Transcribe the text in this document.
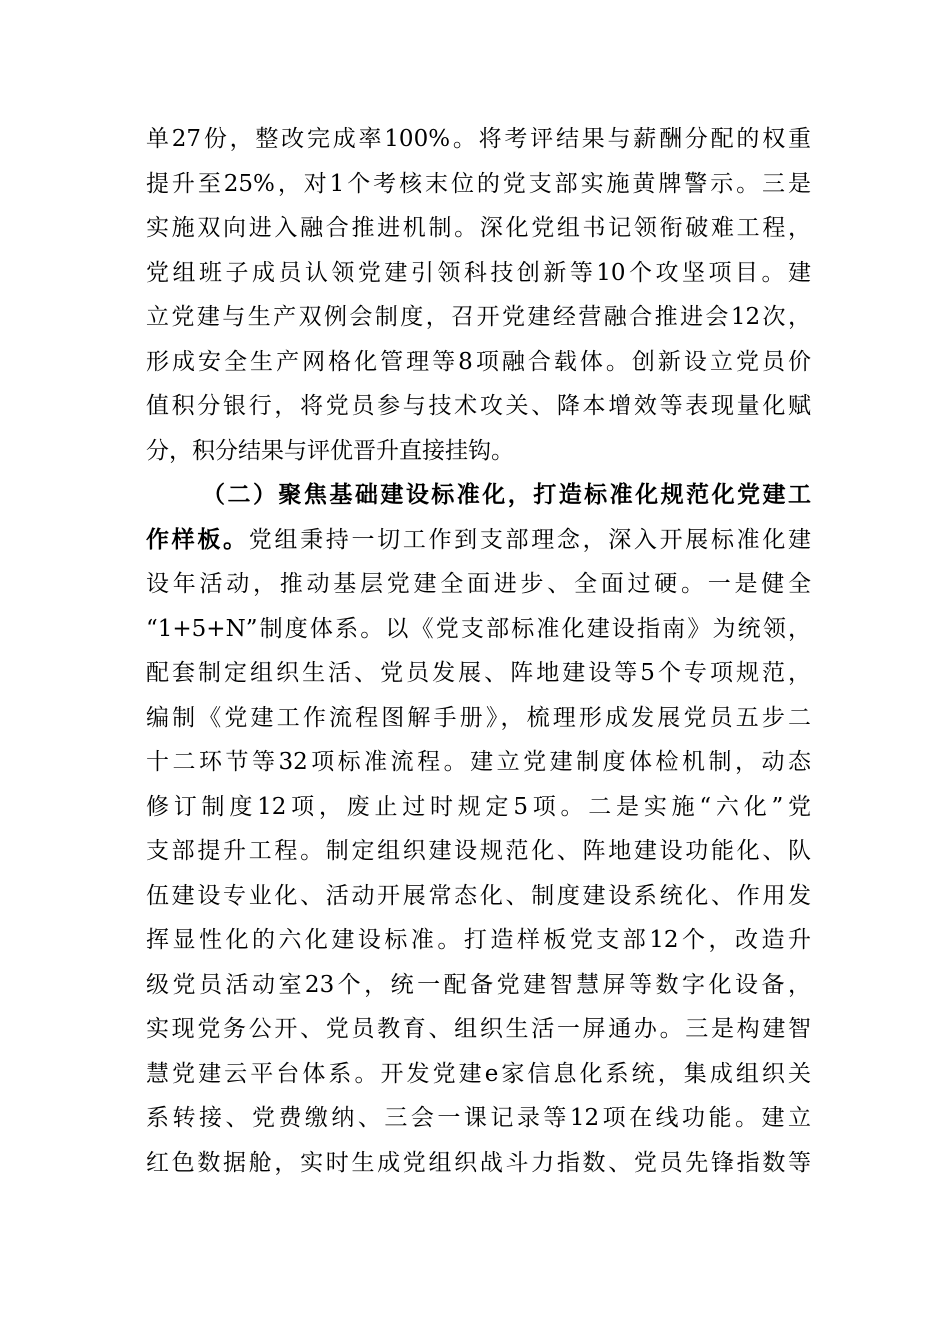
单27份，整改完成率100%。将考评结果与薪酬分配的权重
提升至25%，对1个考核末位的党支部实施黄牌警示。三是
实施双向进入融合推进机制。深化党组书记领衔破难工程，
党组班子成员认领党建引领科技创新等10个攻坚项目。建
立党建与生产双例会制度，召开党建经营融合推进会12次，
形成安全生产网格化管理等8项融合载体。创新设立党员价
值积分银行，将党员参与技术攻关、降本增效等表现量化赋
分，积分结果与评优晋升直接挂钩。
（二）聚焦基础建设标准化，打造标准化规范化党建工
作样板。党组秉持一切工作到支部理念，深入开展标准化建
设年活动，推动基层党建全面进步、全面过硬。一是健全
“1+5+N”制度体系。以《党支部标准化建设指南》为统领，
配套制定组织生活、党员发展、阵地建设等5个专项规范，
编制《党建工作流程图解手册》，梳理形成发展党员五步二
十二环节等32项标准流程。建立党建制度体检机制，动态
修订制度12项，废止过时规定5项。二是实施“六化”党
支部提升工程。制定组织建设规范化、阵地建设功能化、队
伍建设专业化、活动开展常态化、制度建设系统化、作用发
挥显性化的六化建设标准。打造样板党支部12个，改造升
级党员活动室23个，统一配备党建智慧屏等数字化设备，
实现党务公开、党员教育、组织生活一屏通办。三是构建智
慧党建云平台体系。开发党建e家信息化系统，集成组织关
系转接、党费缴纳、三会一课记录等12项在线功能。建立
红色数据舱，实时生成党组织战斗力指数、党员先锋指数等
